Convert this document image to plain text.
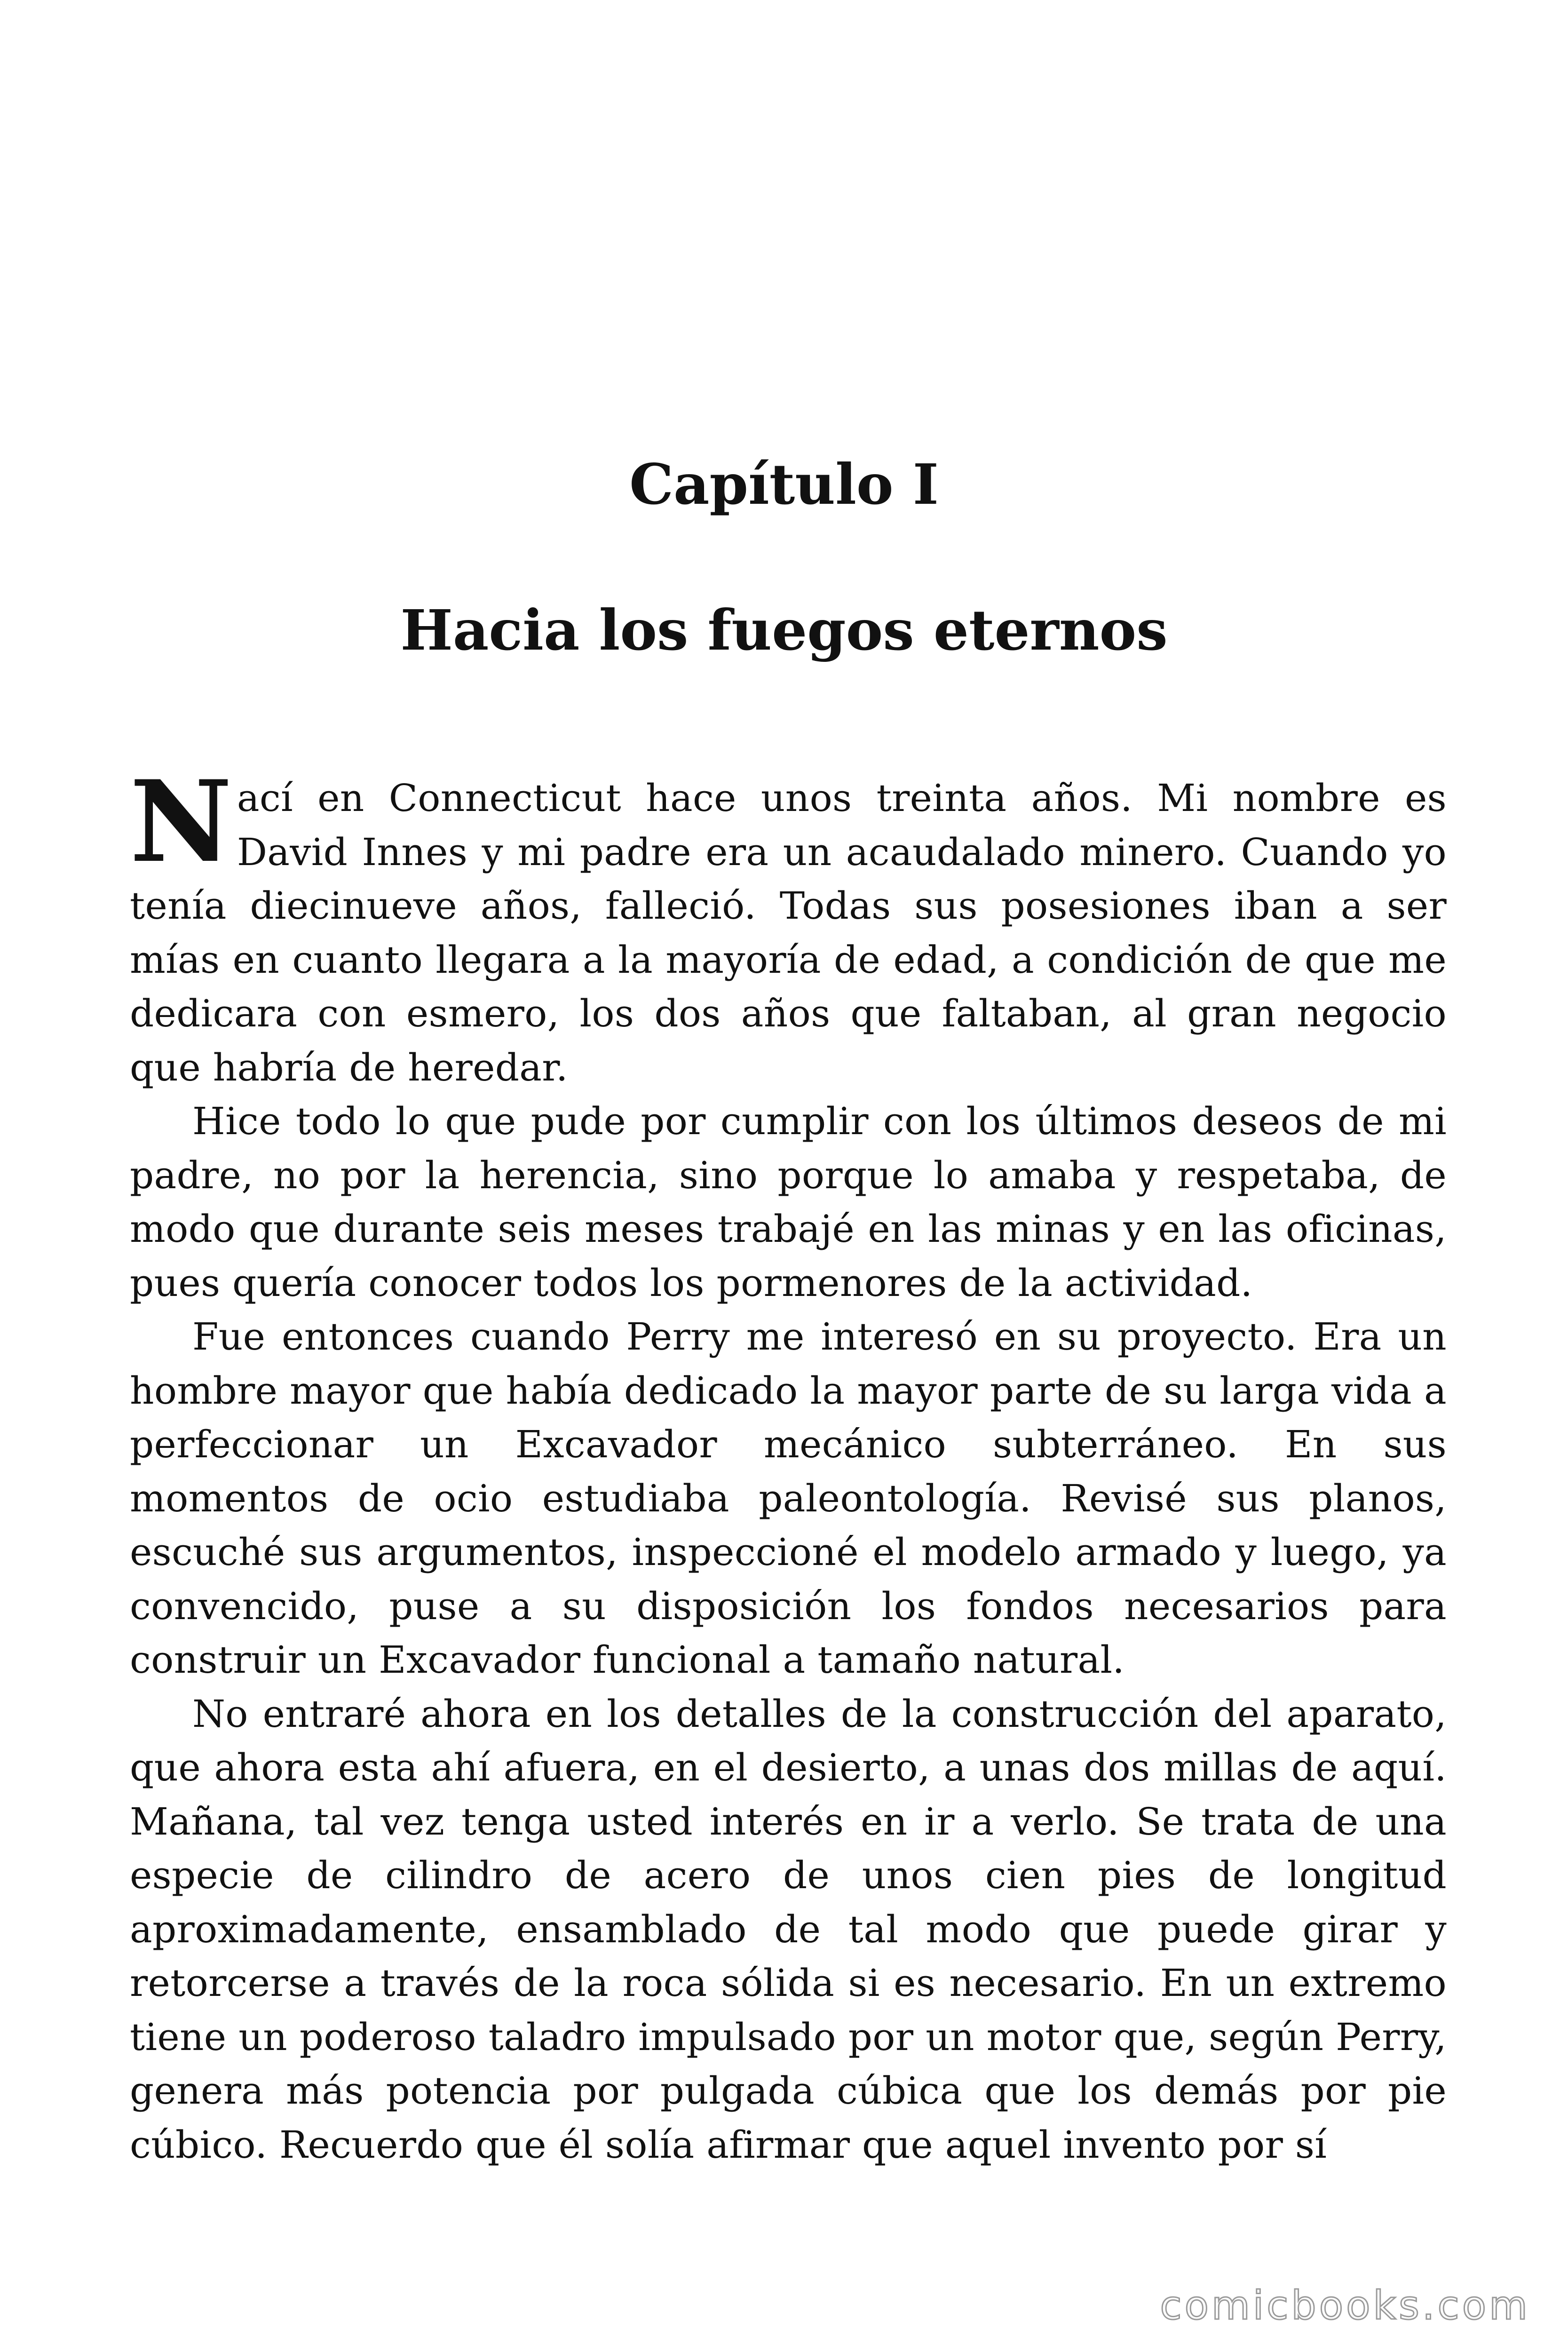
Capítulo I
Hacia los fuegos eternos

Nací en Connecticut hace unos treinta años. Mi nombre es David Innes y mi padre era un acaudalado minero. Cuando yo tenía diecinueve años, falleció. Todas sus posesiones iban a ser mías en cuanto llegara a la mayoría de edad, a condición de que me dedicara con esmero, los dos años que faltaban, al gran negocio que habría de heredar.

Hice todo lo que pude por cumplir con los últimos deseos de mi padre, no por la herencia, sino porque lo amaba y respetaba, de modo que durante seis meses trabajé en las minas y en las oficinas, pues quería conocer todos los pormenores de la actividad.

Fue entonces cuando Perry me interesó en su proyecto. Era un hombre mayor que había dedicado la mayor parte de su larga vida a perfeccionar un Excavador mecánico subterráneo. En sus momentos de ocio estudiaba paleontología. Revisé sus planos, escuché sus argumentos, inspeccioné el modelo armado y luego, ya convencido, puse a su disposición los fondos necesarios para construir un Excavador funcional a tamaño natural.

No entraré ahora en los detalles de la construcción del aparato, que ahora esta ahí afuera, en el desierto, a unas dos millas de aquí. Mañana, tal vez tenga usted interés en ir a verlo. Se trata de una especie de cilindro de acero de unos cien pies de longitud aproximadamente, ensamblado de tal modo que puede girar y retorcerse a través de la roca sólida si es necesario. En un extremo tiene un poderoso taladro impulsado por un motor que, según Perry, genera más potencia por pulgada cúbica que los demás por pie cúbico. Recuerdo que él solía afirmar que aquel invento por sí

comicbooks.com
